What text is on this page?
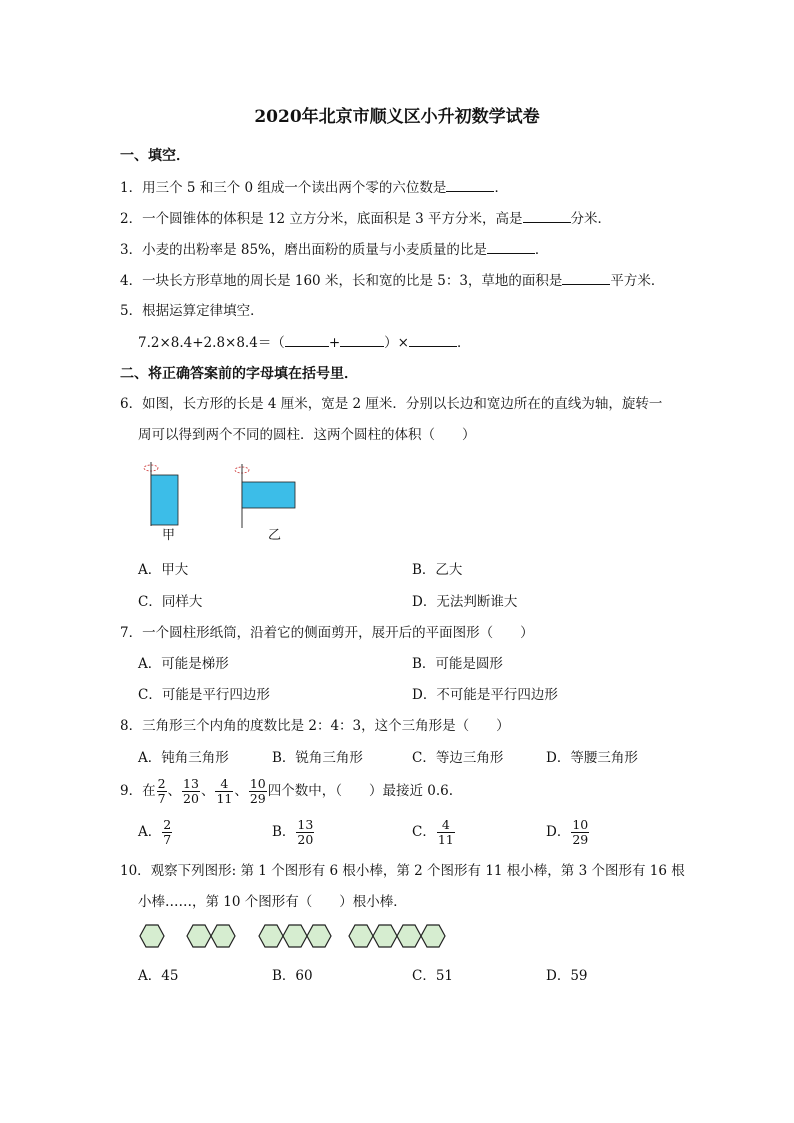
2020年北京市顺义区小升初数学试卷
一、填空．
1．用三个 5 和三个 0 组成一个读出两个零的六位数是	．
2．一个圆锥体的体积是 12 立方分米，底面积是 3 平方分米，高是	分米．
3．小麦的出粉率是 85%，磨出面粉的质量与小麦质量的比是	．
4．一块长方形草地的周长是 160 米，长和宽的比是 5：3，草地的面积是	平方米．
5．根据运算定律填空．
7.2×8.4+2.8×8.4＝（	+	）×	．
二、将正确答案前的字母填在括号里．
6．如图，长方形的长是 4 厘米，宽是 2 厘米．分别以长边和宽边所在的直线为轴，旋转一
周可以得到两个不同的圆柱．这两个圆柱的体积（　　）
甲	乙
A．甲大	B．乙大
C．同样大	D．无法判断谁大
7．一个圆柱形纸筒，沿着它的侧面剪开，展开后的平面图形（　　）
A．可能是梯形	B．可能是圆形
C．可能是平行四边形	D．不可能是平行四边形
8．三角形三个内角的度数比是 2：4：3，这个三角形是（　　）
A．钝角三角形	B．锐角三角形	C．等边三角形	D．等腰三角形
9．在 $\frac{2}{7}$ 、 $\frac{13}{20}$ 、 $\frac{4}{11}$ 、 $\frac{10}{29}$ 四个数中，（　　）最接近 0.6.
A． $\frac{2}{7}$	B． $\frac{13}{20}$	C． $\frac{4}{11}$	D． $\frac{10}{29}$
10．观察下列图形: 第 1 个图形有 6 根小棒，第 2 个图形有 11 根小棒，第 3 个图形有 16 根
小棒……，第 10 个图形有（　　）根小棒．
A．45	B．60	C．51	D．59
